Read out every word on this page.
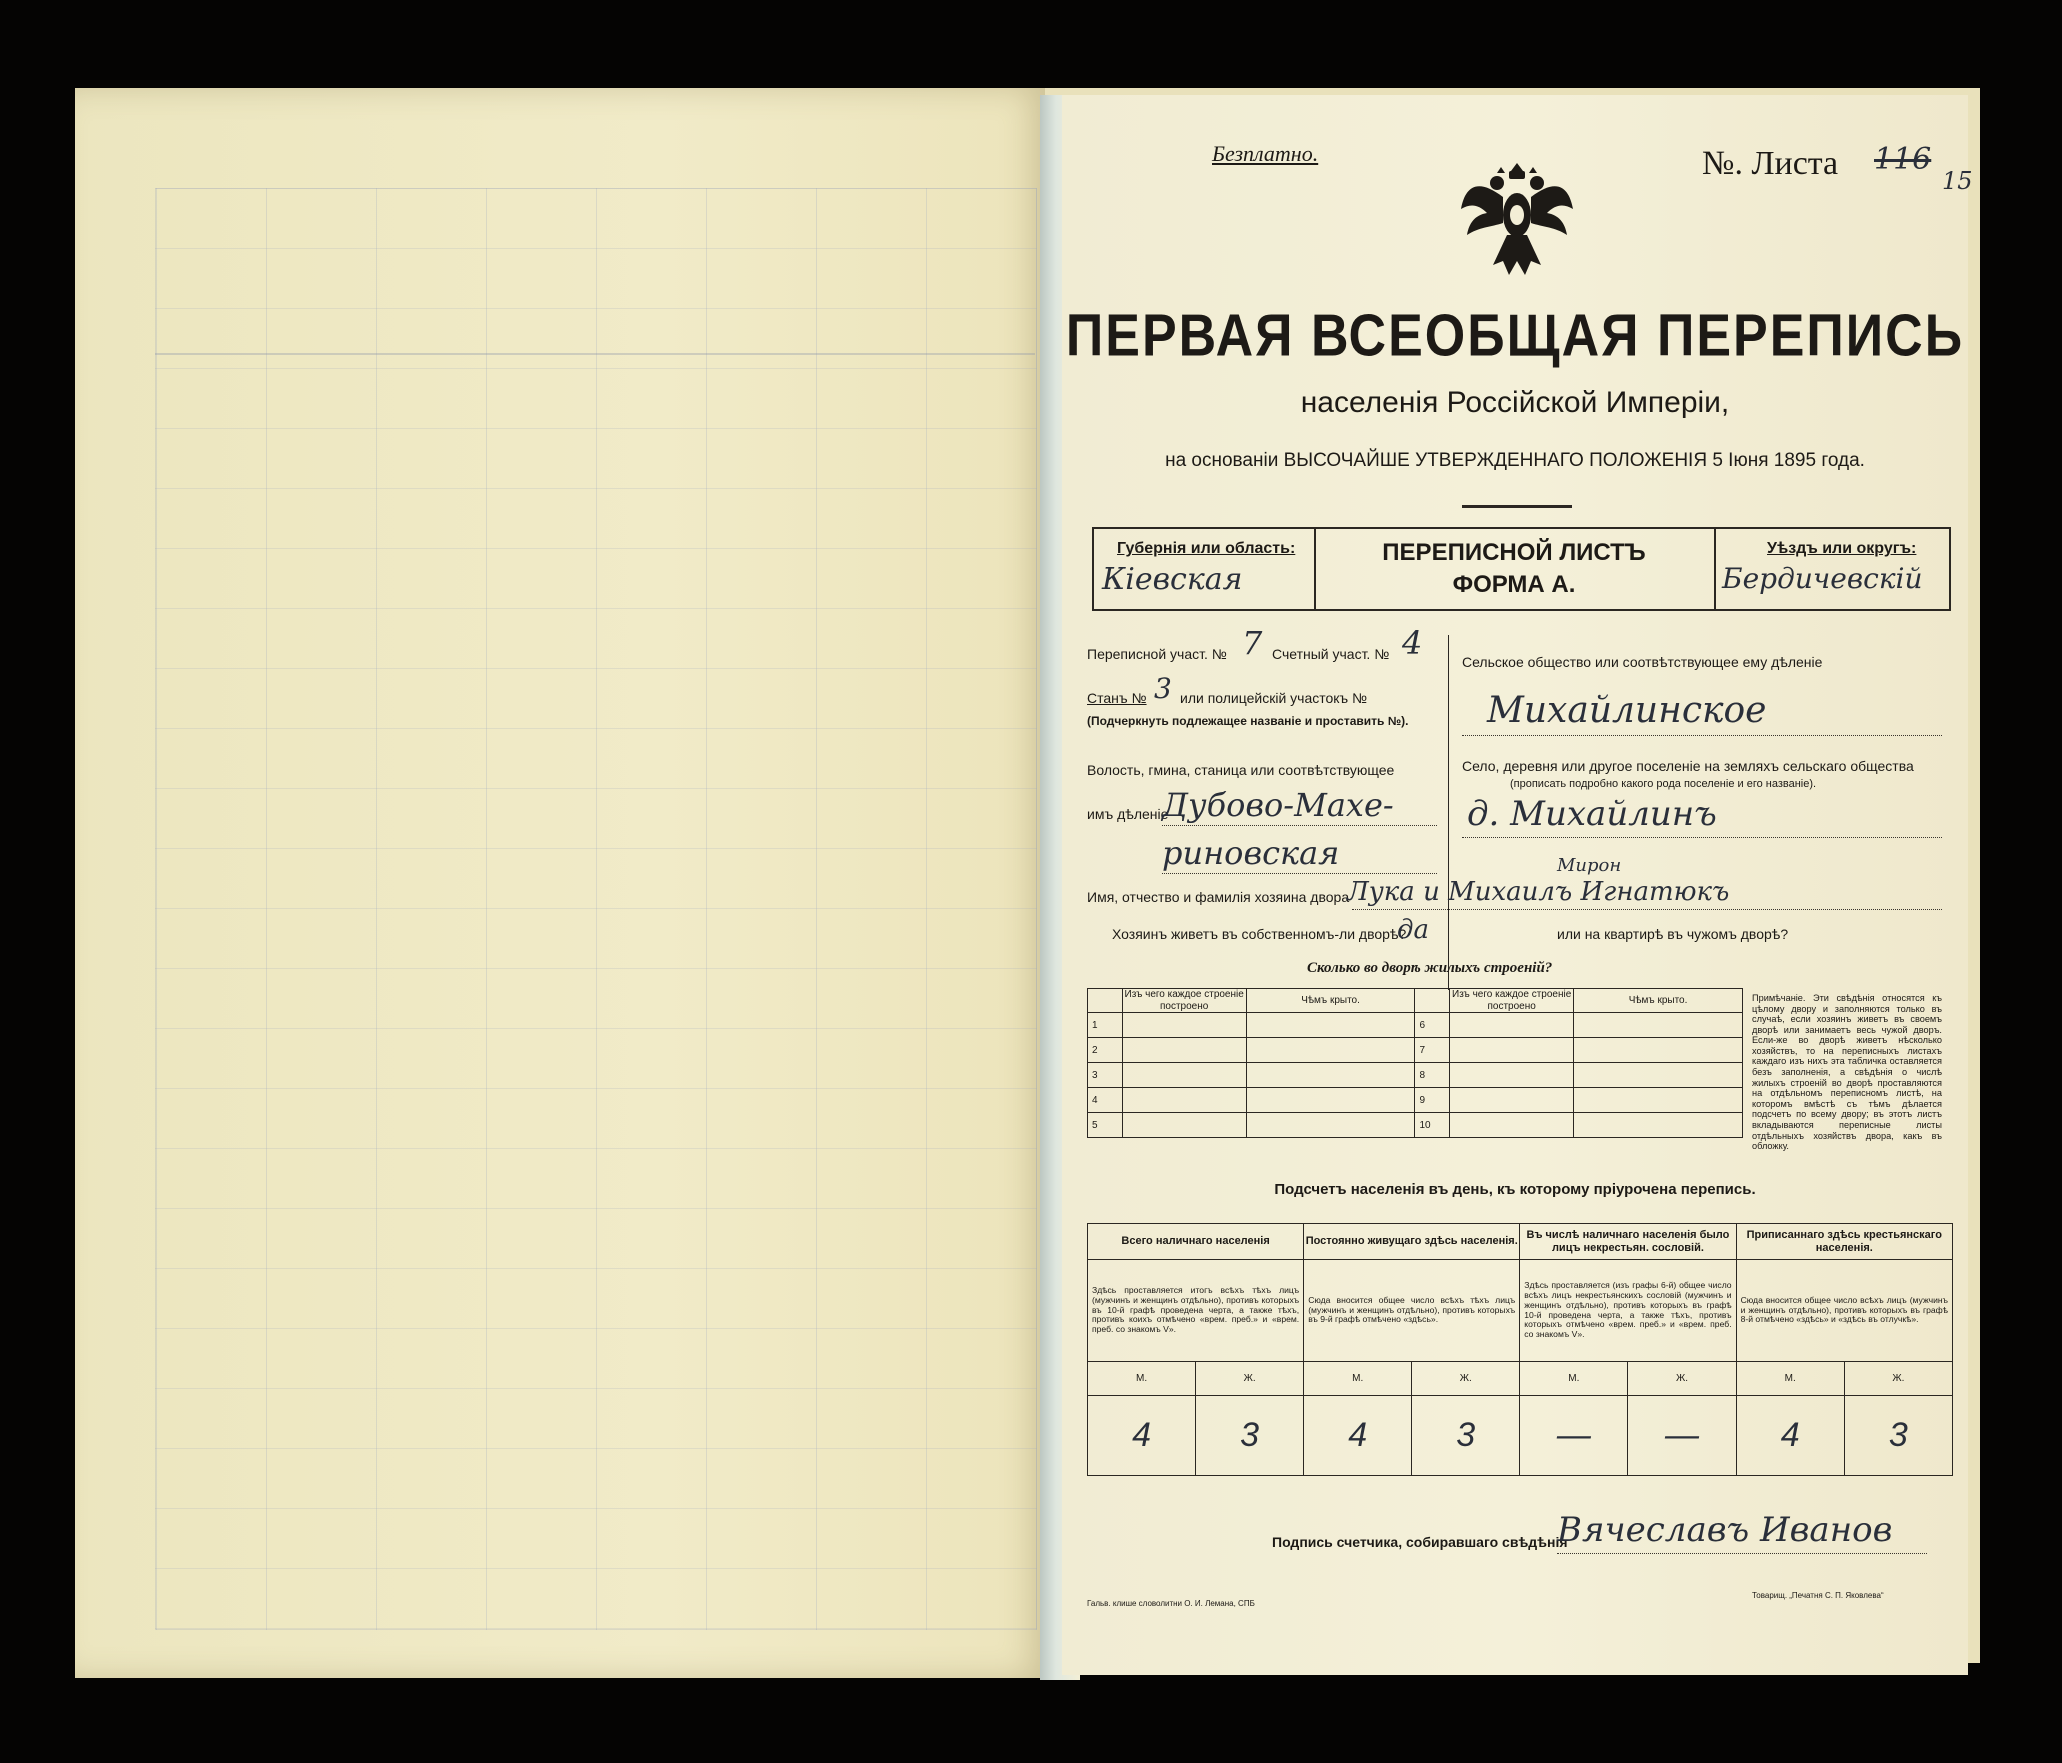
Безплатно.	№. Листа 116
15
ПЕРВАЯ ВСЕОБЩАЯ ПЕРЕПИСЬ
населенія Россійской Имперіи,
на основаніи ВЫСОЧАЙШЕ УТВЕРЖДЕННАГО ПОЛОЖЕНІЯ 5 Іюня 1895 года.
Губернія или область:
Кіевская
ПЕРЕПИСНОЙ ЛИСТЪ
ФОРМА А.
Уѣздъ или округъ:
Бердичевскій
Переписной участ. № 7 Счетный участ. № 4
Станъ № 3 или полицейскій участокъ №
(Подчеркнуть подлежащее названіе и проставить №).
Волость, гмина, станица или соотвѣтствующее
имъ дѣленіе
Дубово-Махе-
риновская
Сельское общество или соотвѣтствующее ему дѣленіе
Михайлинское
Село, деревня или другое поселеніе на земляхъ сельскаго общества
(прописать подробно какого рода поселеніе и его названіе).
д. Михайлинъ
Имя, отчество и фамилія хозяина двора
Мирон
Лука и Михаилъ Игнатюкъ
Хозяинъ живетъ въ собственномъ-ли дворѣ?
да	или на квартирѣ въ чужомъ дворѣ?
Сколько во дворѣ жилыхъ строеній?
	Изъ чего каждое строеніе построено	Чѣмъ крыто.		Изъ чего каждое строеніе построено	Чѣмъ крыто.
1			6		
2			7		
3			8		
4			9		
5			10		
Примѣчаніе. Эти свѣдѣнія относятся къ цѣлому двору и заполняются только въ случаѣ, если хозяинъ живетъ въ своемъ дворѣ или занимаетъ весь чужой дворъ. Если-же во дворѣ живетъ нѣсколько хозяйствъ, то на переписныхъ листахъ каждаго изъ нихъ эта табличка оставляется безъ заполненія, а свѣдѣнія о числѣ жилыхъ строеній во дворѣ проставляются на отдѣльномъ переписномъ листѣ, на которомъ вмѣстѣ съ тѣмъ дѣлается подсчетъ по всему двору; въ этотъ листъ вкладываются переписные листы отдѣльныхъ хозяйствъ двора, какъ въ обложку.
Подсчетъ населенія въ день, къ которому пріурочена перепись.
Всего наличнаго населенія		Постоянно живущаго здѣсь населенія.		Въ числѣ наличнаго населенія было лицъ некрестьян. сословій.		Приписаннаго здѣсь крестьянскаго населенія.	
Здѣсь проставляется итогъ всѣхъ тѣхъ лицъ (мужчинъ и женщинъ отдѣльно), противъ которыхъ въ 10-й графѣ проведена черта, а также тѣхъ, противъ коихъ отмѣчено «врем. преб.» и «врем. преб. со знакомъ V».		Сюда вносится общее число всѣхъ тѣхъ лицъ (мужчинъ и женщинъ отдѣльно), противъ которыхъ въ 9-й графѣ отмѣчено «здѣсь».		Здѣсь проставляется (изъ графы 6-й) общее число всѣхъ лицъ некрестьянскихъ сословій (мужчинъ и женщинъ отдѣльно), противъ которыхъ въ графѣ 10-й проведена черта, а также тѣхъ, противъ которыхъ отмѣчено «врем. преб.» и «врем. преб. со знакомъ V».		Сюда вносится общее число всѣхъ лицъ (мужчинъ и женщинъ отдѣльно), противъ которыхъ въ графѣ 8-й отмѣчено «здѣсь» и «здѣсь въ отлучкѣ».	
М.	Ж.	М.	Ж.	М.	Ж.	М.	Ж.
4	3	4	3	—	—	4	3
Подпись счетчика, собиравшаго свѣдѣнія
Вячеславъ Иванов
Гальв. клише словолитни О. И. Лемана, СПБ
Товарищ. „Печатня С. П. Яковлева“
